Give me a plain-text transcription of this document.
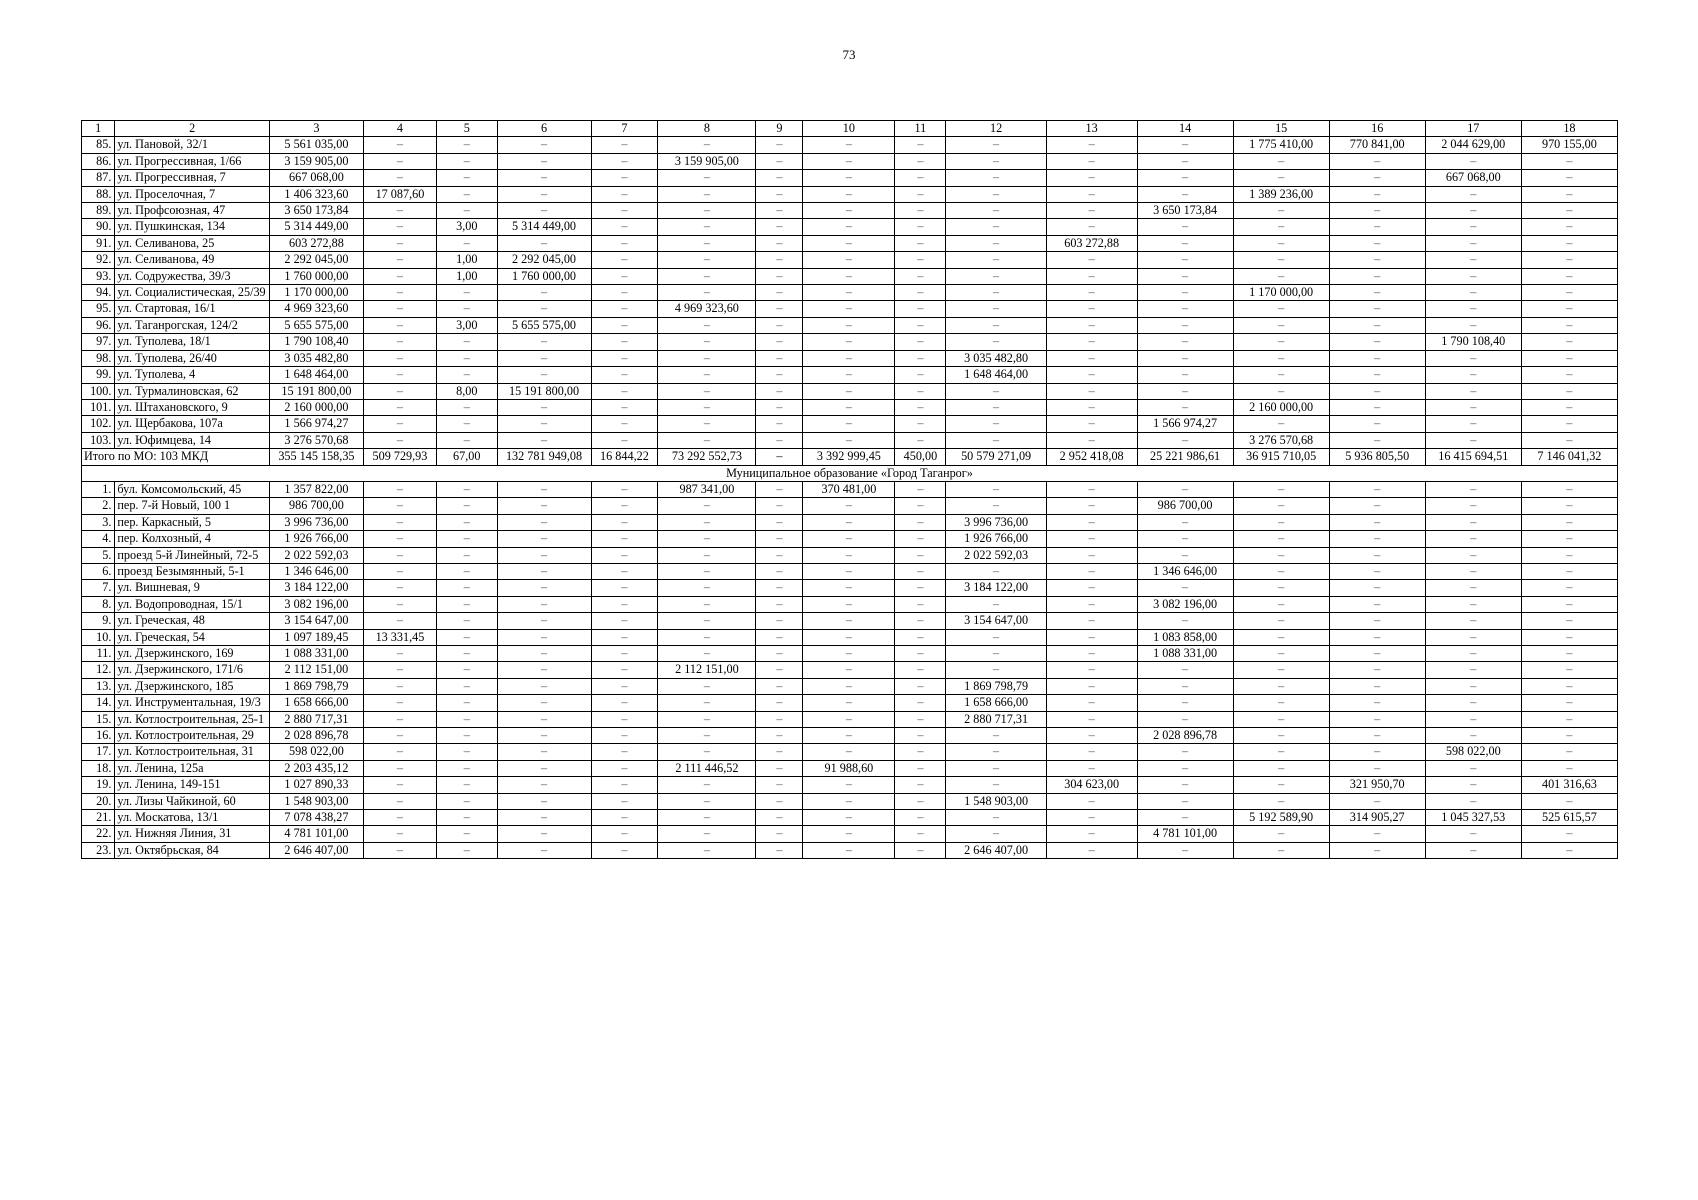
73
1	2	3	4	5	6	7	8	9	10	11	12	13	14	15	16	17	18
85.	ул. Пановой, 32/1	5 561 035,00	–	–	–	–	–	–	–	–	–	–	–	1 775 410,00	770 841,00	2 044 629,00	970 155,00
86.	ул. Прогрессивная, 1/66	3 159 905,00	–	–	–	–	3 159 905,00	–	–	–	–	–	–	–	–	–	–
87.	ул. Прогрессивная, 7	667 068,00	–	–	–	–	–	–	–	–	–	–	–	–	–	667 068,00	–
88.	ул. Проселочная, 7	1 406 323,60	17 087,60	–	–	–	–	–	–	–	–	–	–	1 389 236,00	–	–	–
89.	ул. Профсоюзная, 47	3 650 173,84	–	–	–	–	–	–	–	–	–	–	3 650 173,84	–	–	–	–
90.	ул. Пушкинская, 134	5 314 449,00	–	3,00	5 314 449,00	–	–	–	–	–	–	–	–	–	–	–	–
91.	ул. Селиванова, 25	603 272,88	–	–	–	–	–	–	–	–	–	603 272,88	–	–	–	–	–
92.	ул. Селиванова, 49	2 292 045,00	–	1,00	2 292 045,00	–	–	–	–	–	–	–	–	–	–	–	–
93.	ул. Содружества, 39/3	1 760 000,00	–	1,00	1 760 000,00	–	–	–	–	–	–	–	–	–	–	–	–
94.	ул. Социалистическая, 25/39	1 170 000,00	–	–	–	–	–	–	–	–	–	–	–	1 170 000,00	–	–	–
95.	ул. Стартовая, 16/1	4 969 323,60	–	–	–	–	4 969 323,60	–	–	–	–	–	–	–	–	–	–
96.	ул. Таганрогская, 124/2	5 655 575,00	–	3,00	5 655 575,00	–	–	–	–	–	–	–	–	–	–	–	–
97.	ул. Туполева, 18/1	1 790 108,40	–	–	–	–	–	–	–	–	–	–	–	–	–	1 790 108,40	–
98.	ул. Туполева, 26/40	3 035 482,80	–	–	–	–	–	–	–	–	3 035 482,80	–	–	–	–	–	–
99.	ул. Туполева, 4	1 648 464,00	–	–	–	–	–	–	–	–	1 648 464,00	–	–	–	–	–	–
100.	ул. Турмалиновская, 62	15 191 800,00	–	8,00	15 191 800,00	–	–	–	–	–	–	–	–	–	–	–	–
101.	ул. Штахановского, 9	2 160 000,00	–	–	–	–	–	–	–	–	–	–	–	2 160 000,00	–	–	–
102.	ул. Щербакова, 107а	1 566 974,27	–	–	–	–	–	–	–	–	–	–	1 566 974,27	–	–	–	–
103.	ул. Юфимцева, 14	3 276 570,68	–	–	–	–	–	–	–	–	–	–	–	3 276 570,68	–	–	–
Итого по МО: 103 МКД		355 145 158,35	509 729,93	67,00	132 781 949,08	16 844,22	73 292 552,73	–	3 392 999,45	450,00	50 579 271,09	2 952 418,08	25 221 986,61	36 915 710,05	5 936 805,50	16 415 694,51	7 146 041,32
Муниципальное образование «Город Таганрог»																	
1.	бул. Комсомольский, 45	1 357 822,00	–	–	–	–	987 341,00	–	370 481,00	–	–	–	–	–	–	–	–
2.	пер. 7-й Новый, 100 1	986 700,00	–	–	–	–	–	–	–	–	–	–	986 700,00	–	–	–	–
3.	пер. Каркасный, 5	3 996 736,00	–	–	–	–	–	–	–	–	3 996 736,00	–	–	–	–	–	–
4.	пер. Колхозный, 4	1 926 766,00	–	–	–	–	–	–	–	–	1 926 766,00	–	–	–	–	–	–
5.	проезд 5-й Линейный, 72-5	2 022 592,03	–	–	–	–	–	–	–	–	2 022 592,03	–	–	–	–	–	–
6.	проезд Безымянный, 5-1	1 346 646,00	–	–	–	–	–	–	–	–	–	–	1 346 646,00	–	–	–	–
7.	ул. Вишневая, 9	3 184 122,00	–	–	–	–	–	–	–	–	3 184 122,00	–	–	–	–	–	–
8.	ул. Водопроводная, 15/1	3 082 196,00	–	–	–	–	–	–	–	–	–	–	3 082 196,00	–	–	–	–
9.	ул. Греческая, 48	3 154 647,00	–	–	–	–	–	–	–	–	3 154 647,00	–	–	–	–	–	–
10.	ул. Греческая, 54	1 097 189,45	13 331,45	–	–	–	–	–	–	–	–	–	1 083 858,00	–	–	–	–
11.	ул. Дзержинского, 169	1 088 331,00	–	–	–	–	–	–	–	–	–	–	1 088 331,00	–	–	–	–
12.	ул. Дзержинского, 171/6	2 112 151,00	–	–	–	–	2 112 151,00	–	–	–	–	–	–	–	–	–	–
13.	ул. Дзержинского, 185	1 869 798,79	–	–	–	–	–	–	–	–	1 869 798,79	–	–	–	–	–	–
14.	ул. Инструментальная, 19/3	1 658 666,00	–	–	–	–	–	–	–	–	1 658 666,00	–	–	–	–	–	–
15.	ул. Котлостроительная, 25-1	2 880 717,31	–	–	–	–	–	–	–	–	2 880 717,31	–	–	–	–	–	–
16.	ул. Котлостроительная, 29	2 028 896,78	–	–	–	–	–	–	–	–	–	–	2 028 896,78	–	–	–	–
17.	ул. Котлостроительная, 31	598 022,00	–	–	–	–	–	–	–	–	–	–	–	–	–	598 022,00	–
18.	ул. Ленина, 125а	2 203 435,12	–	–	–	–	2 111 446,52	–	91 988,60	–	–	–	–	–	–	–	–
19.	ул. Ленина, 149-151	1 027 890,33	–	–	–	–	–	–	–	–	–	304 623,00	–	–	321 950,70	–	401 316,63
20.	ул. Лизы Чайкиной, 60	1 548 903,00	–	–	–	–	–	–	–	–	1 548 903,00	–	–	–	–	–	–
21.	ул. Москатова, 13/1	7 078 438,27	–	–	–	–	–	–	–	–	–	–	–	5 192 589,90	314 905,27	1 045 327,53	525 615,57
22.	ул. Нижняя Линия, 31	4 781 101,00	–	–	–	–	–	–	–	–	–	–	4 781 101,00	–	–	–	–
23.	ул. Октябрьская, 84	2 646 407,00	–	–	–	–	–	–	–	–	2 646 407,00	–	–	–	–	–	–
